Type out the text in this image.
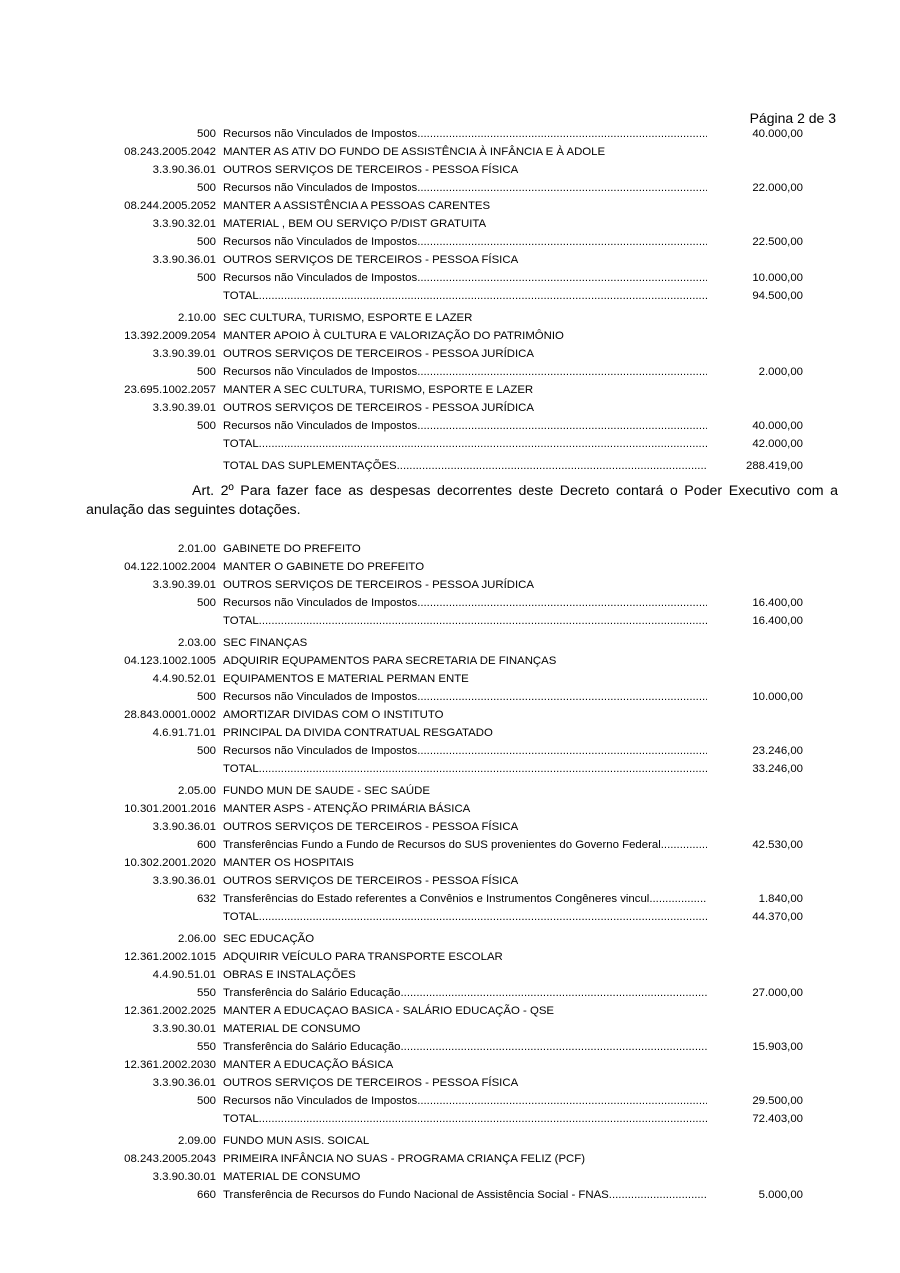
Página 2 de 3
500 Recursos não Vinculados de Impostos .....	40.000,00
08.243.2005.2042 MANTER AS ATIV DO FUNDO DE ASSISTÊNCIA À INFÂNCIA E À ADOLE
3.3.90.36.01 OUTROS SERVIÇOS DE TERCEIROS - PESSOA FÍSICA
500 Recursos não Vinculados de Impostos .....	22.000,00
08.244.2005.2052 MANTER A ASSISTÊNCIA A PESSOAS CARENTES
3.3.90.32.01 MATERIAL , BEM OU SERVIÇO P/DIST GRATUITA
500 Recursos não Vinculados de Impostos .....	22.500,00
3.3.90.36.01 OUTROS SERVIÇOS DE TERCEIROS - PESSOA FÍSICA
500 Recursos não Vinculados de Impostos .....	10.000,00
TOTAL .....	94.500,00
2.10.00 SEC CULTURA, TURISMO, ESPORTE E LAZER
13.392.2009.2054 MANTER APOIO À CULTURA E VALORIZAÇÃO DO PATRIMÔNIO
3.3.90.39.01 OUTROS SERVIÇOS DE TERCEIROS - PESSOA JURÍDICA
500 Recursos não Vinculados de Impostos .....	2.000,00
23.695.1002.2057 MANTER A SEC CULTURA, TURISMO, ESPORTE E LAZER
3.3.90.39.01 OUTROS SERVIÇOS DE TERCEIROS - PESSOA JURÍDICA
500 Recursos não Vinculados de Impostos .....	40.000,00
TOTAL .....	42.000,00
TOTAL DAS SUPLEMENTAÇÕES .....	288.419,00

Art. 2º Para fazer face as despesas decorrentes deste Decreto contará o Poder Executivo com a anulação das seguintes dotações.

2.01.00 GABINETE DO PREFEITO
04.122.1002.2004 MANTER O GABINETE DO PREFEITO
3.3.90.39.01 OUTROS SERVIÇOS DE TERCEIROS - PESSOA JURÍDICA
500 Recursos não Vinculados de Impostos .....	16.400,00
TOTAL .....	16.400,00
2.03.00 SEC FINANÇAS
04.123.1002.1005 ADQUIRIR EQUPAMENTOS PARA SECRETARIA DE FINANÇAS
4.4.90.52.01 EQUIPAMENTOS E MATERIAL PERMAN ENTE
500 Recursos não Vinculados de Impostos .....	10.000,00
28.843.0001.0002 AMORTIZAR DIVIDAS COM O INSTITUTO
4.6.91.71.01 PRINCIPAL DA DIVIDA CONTRATUAL RESGATADO
500 Recursos não Vinculados de Impostos .....	23.246,00
TOTAL .....	33.246,00
2.05.00 FUNDO MUN DE SAUDE - SEC SAÚDE
10.301.2001.2016 MANTER ASPS - ATENÇÃO PRIMÁRIA BÁSICA
3.3.90.36.01 OUTROS SERVIÇOS DE TERCEIROS - PESSOA FÍSICA
600 Transferências Fundo a Fundo de Recursos do SUS provenientes do Governo Federal .....	42.530,00
10.302.2001.2020 MANTER OS HOSPITAIS
3.3.90.36.01 OUTROS SERVIÇOS DE TERCEIROS - PESSOA FÍSICA
632 Transferências do Estado referentes a Convênios e Instrumentos Congêneres vincul .....	1.840,00
TOTAL .....	44.370,00
2.06.00 SEC EDUCAÇÃO
12.361.2002.1015 ADQUIRIR VEÍCULO PARA TRANSPORTE ESCOLAR
4.4.90.51.01 OBRAS E INSTALAÇÕES
550 Transferência do Salário Educação .....	27.000,00
12.361.2002.2025 MANTER A EDUCAÇAO BASICA - SALÁRIO EDUCAÇÃO - QSE
3.3.90.30.01 MATERIAL DE CONSUMO
550 Transferência do Salário Educação .....	15.903,00
12.361.2002.2030 MANTER A EDUCAÇÃO BÁSICA
3.3.90.36.01 OUTROS SERVIÇOS DE TERCEIROS - PESSOA FÍSICA
500 Recursos não Vinculados de Impostos .....	29.500,00
TOTAL .....	72.403,00
2.09.00 FUNDO MUN ASIS. SOICAL
08.243.2005.2043 PRIMEIRA INFÂNCIA NO SUAS - PROGRAMA CRIANÇA FELIZ (PCF)
3.3.90.30.01 MATERIAL DE CONSUMO
660 Transferência de Recursos do Fundo Nacional de Assistência Social - FNAS .....	5.000,00
